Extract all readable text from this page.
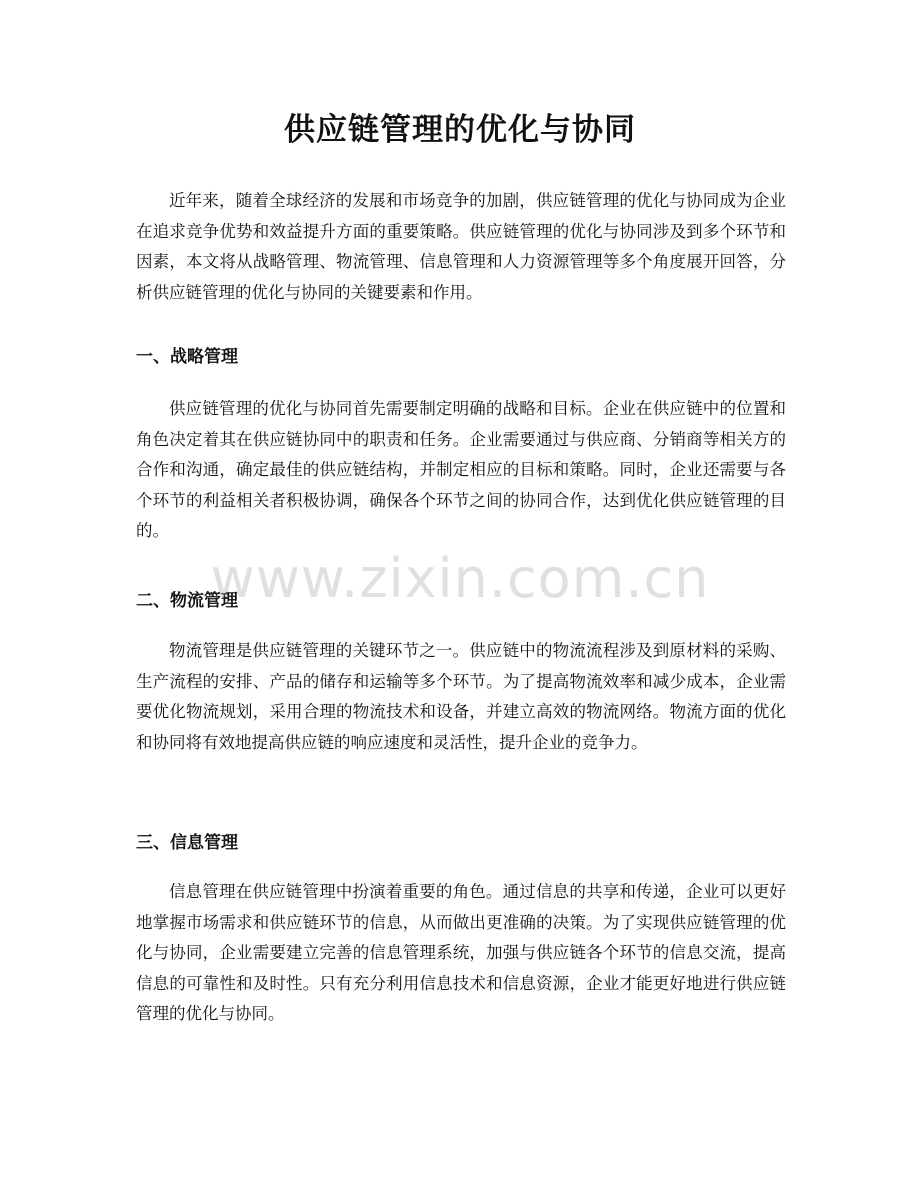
供应链管理的优化与协同

近年来，随着全球经济的发展和市场竞争的加剧，供应链管理的优化与协同成为企业在追求竞争优势和效益提升方面的重要策略。供应链管理的优化与协同涉及到多个环节和因素，本文将从战略管理、物流管理、信息管理和人力资源管理等多个角度展开回答，分析供应链管理的优化与协同的关键要素和作用。

一、战略管理

供应链管理的优化与协同首先需要制定明确的战略和目标。企业在供应链中的位置和角色决定着其在供应链协同中的职责和任务。企业需要通过与供应商、分销商等相关方的合作和沟通，确定最佳的供应链结构，并制定相应的目标和策略。同时，企业还需要与各个环节的利益相关者积极协调，确保各个环节之间的协同合作，达到优化供应链管理的目的。

二、物流管理

物流管理是供应链管理的关键环节之一。供应链中的物流流程涉及到原材料的采购、生产流程的安排、产品的储存和运输等多个环节。为了提高物流效率和减少成本，企业需要优化物流规划，采用合理的物流技术和设备，并建立高效的物流网络。物流方面的优化和协同将有效地提高供应链的响应速度和灵活性，提升企业的竞争力。

三、信息管理

信息管理在供应链管理中扮演着重要的角色。通过信息的共享和传递，企业可以更好地掌握市场需求和供应链环节的信息，从而做出更准确的决策。为了实现供应链管理的优化与协同，企业需要建立完善的信息管理系统，加强与供应链各个环节的信息交流，提高信息的可靠性和及时性。只有充分利用信息技术和信息资源，企业才能更好地进行供应链管理的优化与协同。

www.zixin.com.cn
